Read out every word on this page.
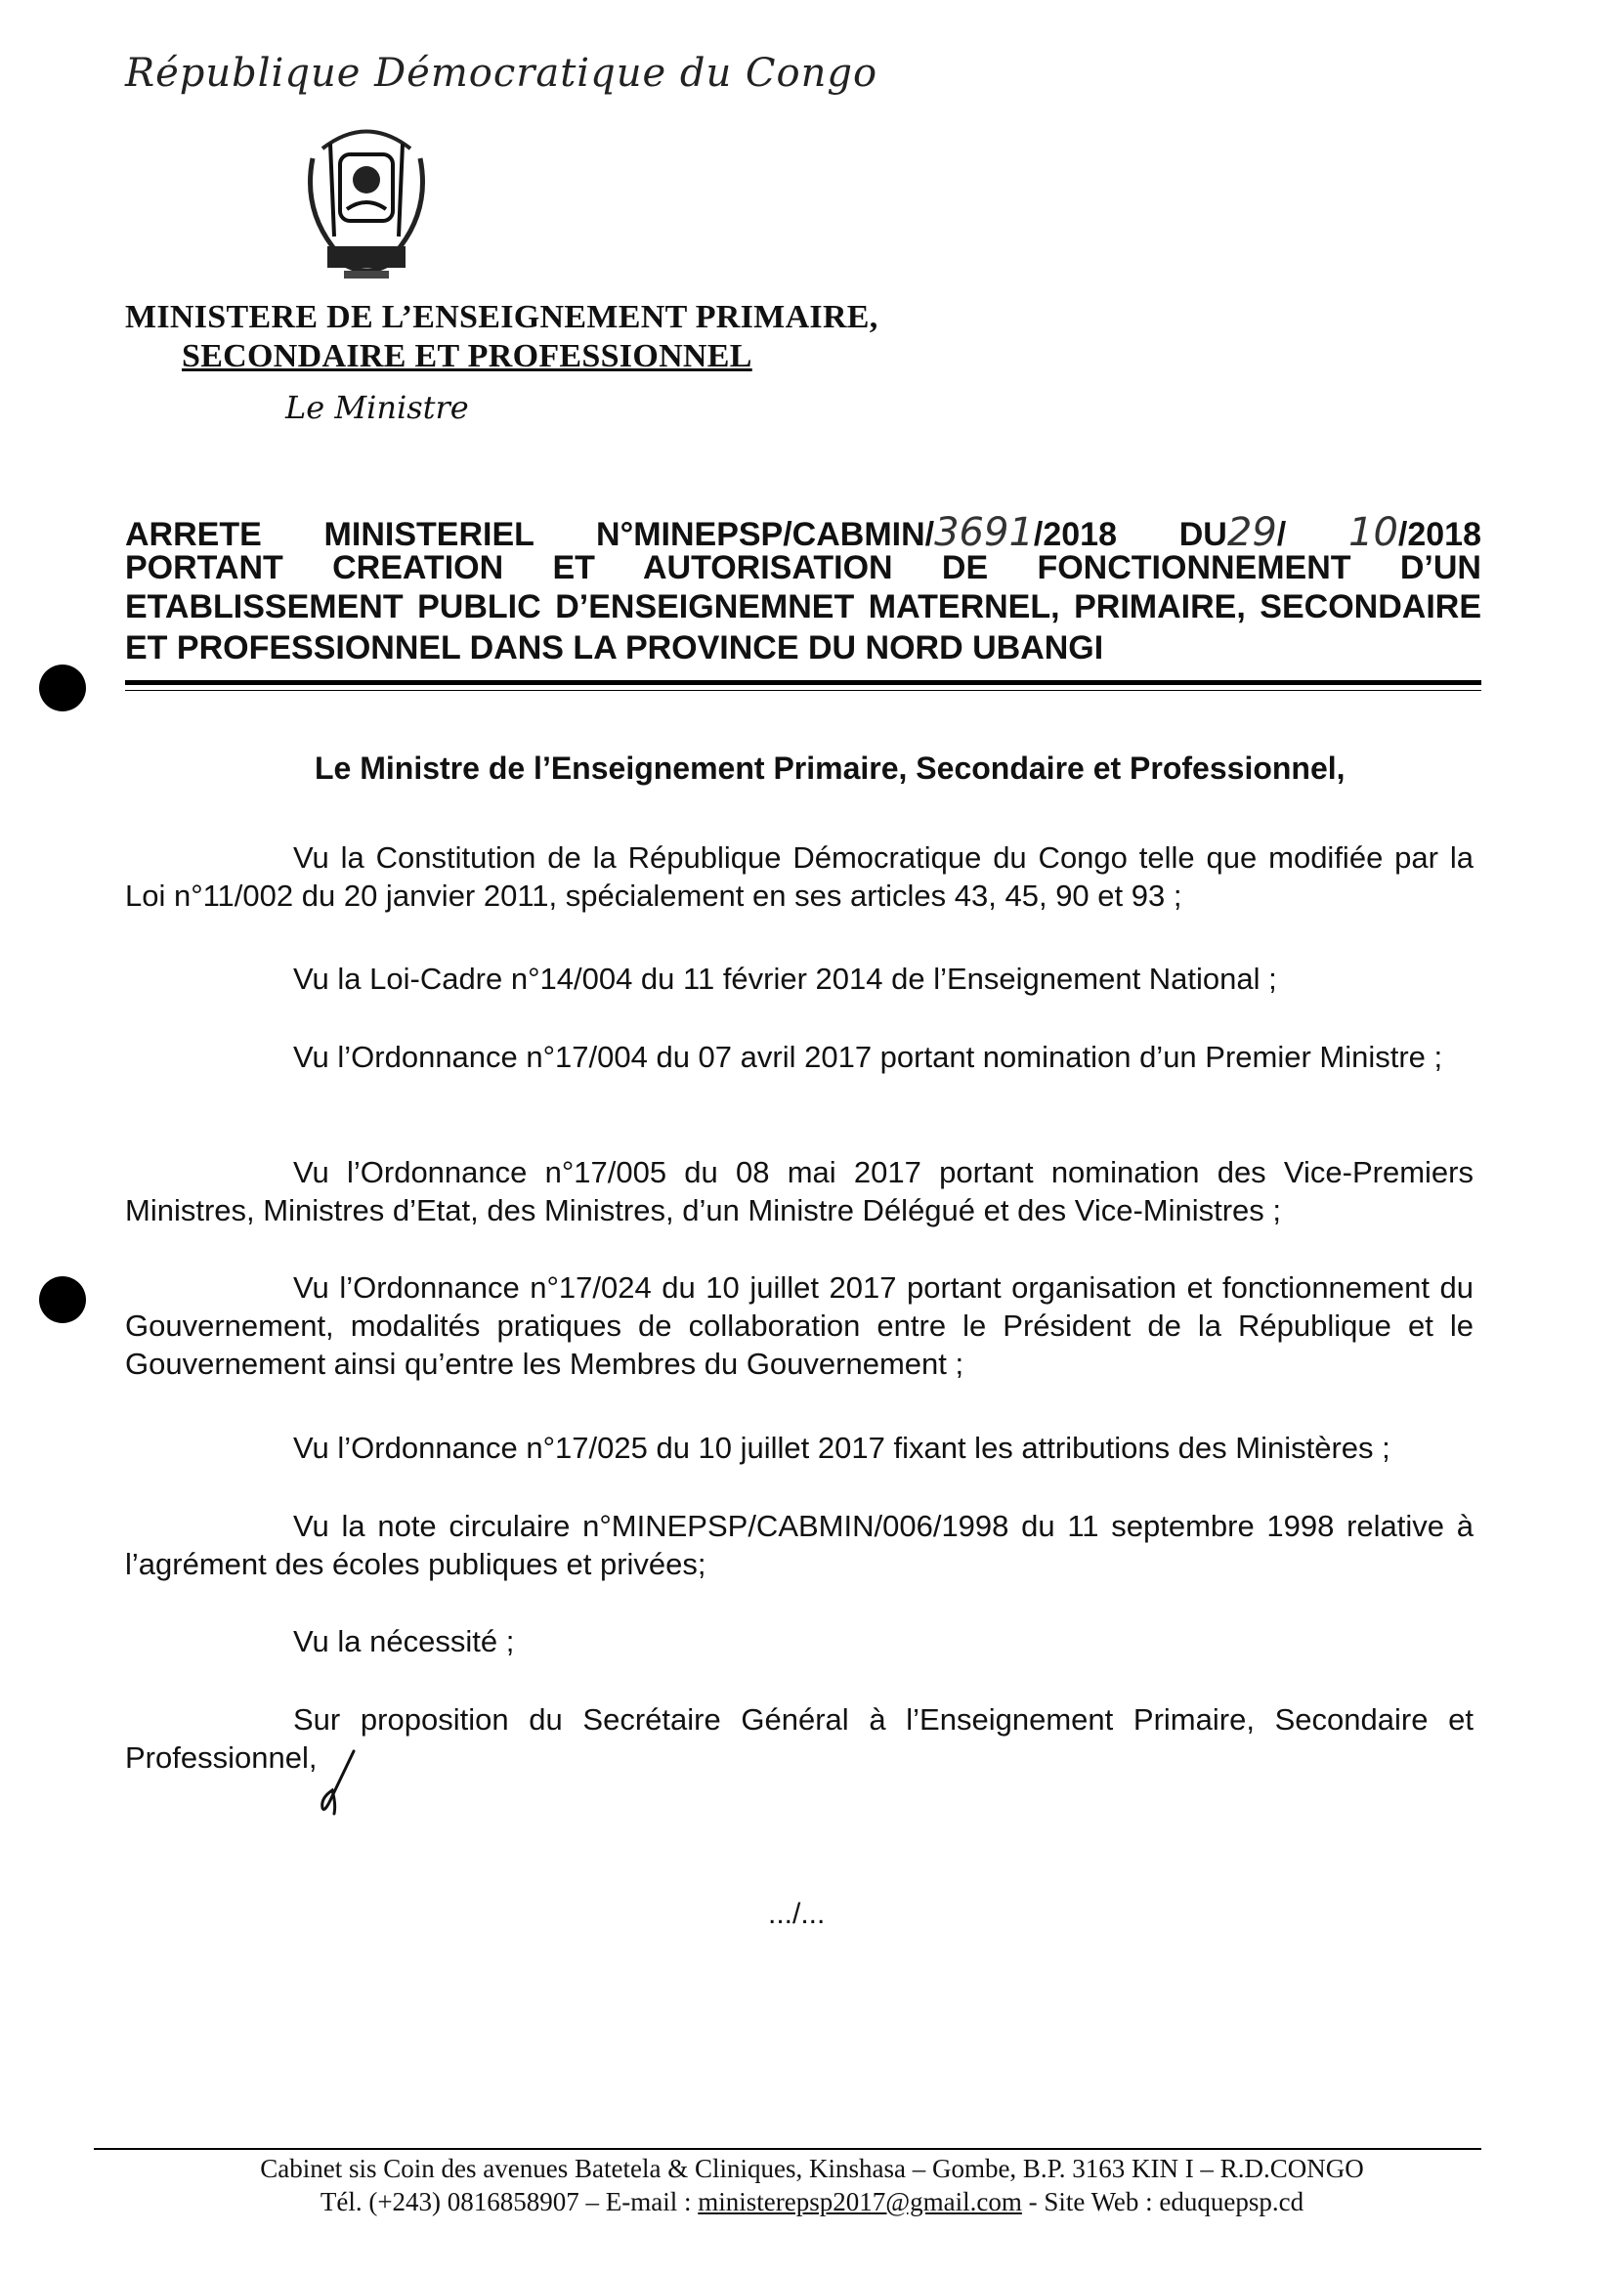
République Démocratique du Congo
MINISTERE DE L’ENSEIGNEMENT PRIMAIRE,
SECONDAIRE ET PROFESSIONNEL
Le Ministre
ARRETE MINISTERIEL N°MINEPSP/CABMIN/3691/2018 DU29/ 10/2018
PORTANT CREATION ET AUTORISATION DE FONCTIONNEMENT D’UN
ETABLISSEMENT PUBLIC D’ENSEIGNEMNET MATERNEL, PRIMAIRE, SECONDAIRE
ET PROFESSIONNEL DANS LA PROVINCE DU NORD UBANGI
Le Ministre de l’Enseignement Primaire, Secondaire et Professionnel,
Vu la Constitution de la République Démocratique du Congo telle que modifiée par la Loi n°11/002 du 20 janvier 2011, spécialement en ses articles 43, 45, 90 et 93 ;
Vu la Loi-Cadre n°14/004 du 11 février 2014 de l’Enseignement National ;
Vu l’Ordonnance n°17/004 du 07 avril 2017 portant nomination d’un Premier Ministre ;
Vu l’Ordonnance n°17/005 du 08 mai 2017 portant nomination des Vice-Premiers Ministres, Ministres d’Etat, des Ministres, d’un Ministre Délégué et des Vice-Ministres ;
Vu l’Ordonnance n°17/024 du 10 juillet 2017 portant organisation et fonctionnement du Gouvernement, modalités pratiques de collaboration entre le Président de la République et le Gouvernement ainsi qu’entre les Membres du Gouvernement ;
Vu l’Ordonnance n°17/025 du 10 juillet 2017 fixant les attributions des Ministères ;
Vu la note circulaire n°MINEPSP/CABMIN/006/1998 du 11 septembre 1998 relative à l’agrément des écoles publiques et privées;
Vu la nécessité ;
Sur proposition du Secrétaire Général à l’Enseignement Primaire, Secondaire et Professionnel,
.../...
Cabinet sis Coin des avenues Batetela & Cliniques, Kinshasa – Gombe, B.P. 3163 KIN I – R.D.CONGO
Tél. (+243) 0816858907 – E-mail : ministerepsp2017@gmail.com - Site Web : eduquepsp.cd
